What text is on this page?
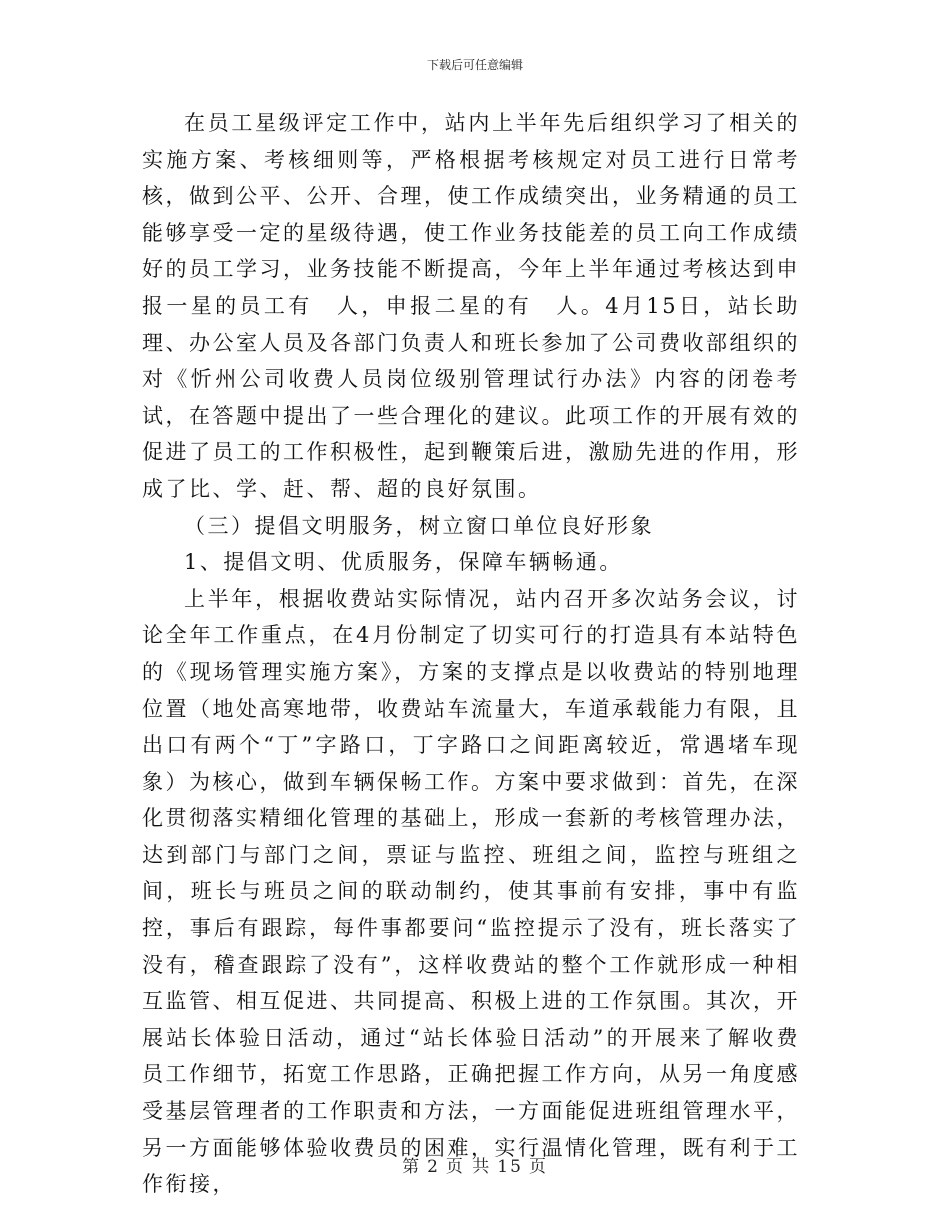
下载后可任意编辑

在员工星级评定工作中，站内上半年先后组织学习了相关的实施方案、考核细则等，严格根据考核规定对员工进行日常考核，做到公平、公开、合理，使工作成绩突出，业务精通的员工能够享受一定的星级待遇，使工作业务技能差的员工向工作成绩好的员工学习，业务技能不断提高，今年上半年通过考核达到申报一星的员工有　人，申报二星的有　人。4月15日，站长助理、办公室人员及各部门负责人和班长参加了公司费收部组织的对《忻州公司收费人员岗位级别管理试行办法》内容的闭卷考试，在答题中提出了一些合理化的建议。此项工作的开展有效的促进了员工的工作积极性，起到鞭策后进，激励先进的作用，形成了比、学、赶、帮、超的良好氛围。

（三）提倡文明服务，树立窗口单位良好形象

1、提倡文明、优质服务，保障车辆畅通。

上半年，根据收费站实际情况，站内召开多次站务会议，讨论全年工作重点，在4月份制定了切实可行的打造具有本站特色的《现场管理实施方案》，方案的支撑点是以收费站的特别地理位置（地处高寒地带，收费站车流量大，车道承载能力有限，且出口有两个“丁”字路口，丁字路口之间距离较近，常遇堵车现象）为核心，做到车辆保畅工作。方案中要求做到：首先，在深化贯彻落实精细化管理的基础上，形成一套新的考核管理办法，达到部门与部门之间，票证与监控、班组之间，监控与班组之间，班长与班员之间的联动制约，使其事前有安排，事中有监控，事后有跟踪，每件事都要问“监控提示了没有，班长落实了没有，稽查跟踪了没有”，这样收费站的整个工作就形成一种相互监管、相互促进、共同提高、积极上进的工作氛围。其次，开展站长体验日活动，通过“站长体验日活动”的开展来了解收费员工作细节，拓宽工作思路，正确把握工作方向，从另一角度感受基层管理者的工作职责和方法，一方面能促进班组管理水平，另一方面能够体验收费员的困难，实行温情化管理，既有利于工作衔接，

第 2 页 共 15 页
